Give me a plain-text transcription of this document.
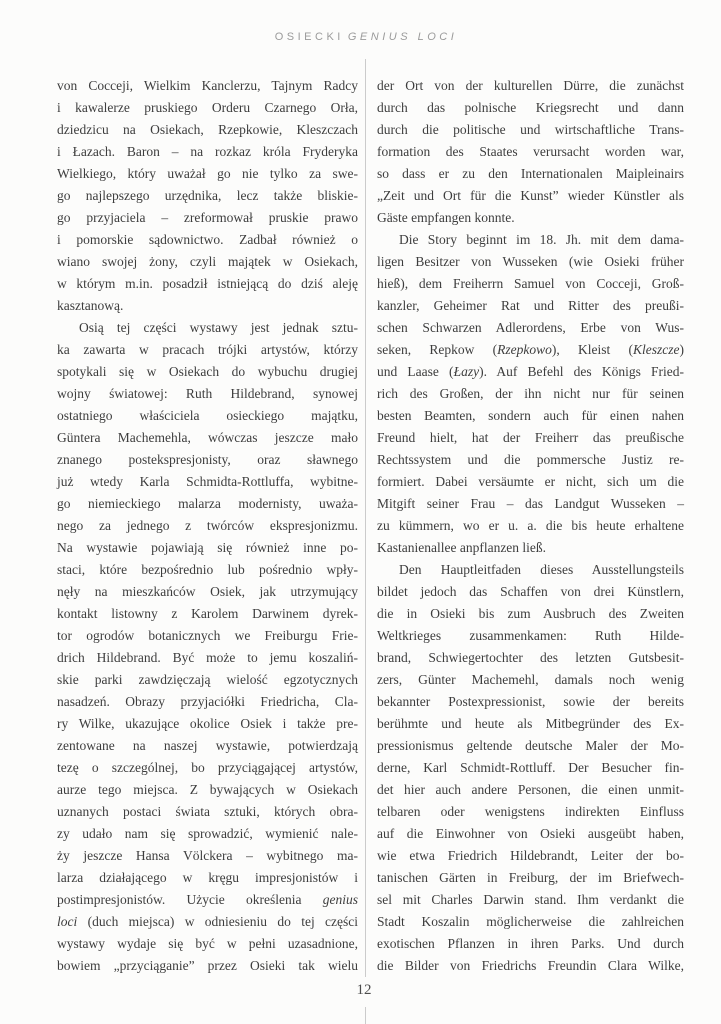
OSIECKI GENIUS LOCI
von Cocceji, Wielkim Kanclerzu, Tajnym Radcy
i kawalerze pruskiego Orderu Czarnego Orła,
dziedzicu na Osiekach, Rzepkowie, Kleszczach
i Łazach. Baron – na rozkaz króla Fryderyka
Wielkiego, który uważał go nie tylko za swe-
go najlepszego urzędnika, lecz także bliskie-
go przyjaciela – zreformował pruskie prawo
i pomorskie sądownictwo. Zadbał również o
wiano swojej żony, czyli majątek w Osiekach,
w którym m.in. posadził istniejącą do dziś aleję
kasztanową.
Osią tej części wystawy jest jednak sztu-
ka zawarta w pracach trójki artystów, którzy
spotykali się w Osiekach do wybuchu drugiej
wojny światowej: Ruth Hildebrand, synowej
ostatniego właściciela osieckiego majątku,
Güntera Machemehla, wówczas jeszcze mało
znanego postekspresjonisty, oraz sławnego
już wtedy Karla Schmidta-Rottluffa, wybitne-
go niemieckiego malarza modernisty, uważa-
nego za jednego z twórców ekspresjonizmu.
Na wystawie pojawiają się również inne po-
staci, które bezpośrednio lub pośrednio wpły-
nęły na mieszkańców Osiek, jak utrzymujący
kontakt listowny z Karolem Darwinem dyrek-
tor ogrodów botanicznych we Freiburgu Frie-
drich Hildebrand. Być może to jemu koszaliń-
skie parki zawdzięczają wielość egzotycznych
nasadzeń. Obrazy przyjaciółki Friedricha, Cla-
ry Wilke, ukazujące okolice Osiek i także pre-
zentowane na naszej wystawie, potwierdzają
tezę o szczególnej, bo przyciągającej artystów,
aurze tego miejsca. Z bywających w Osiekach
uznanych postaci świata sztuki, których obra-
zy udało nam się sprowadzić, wymienić nale-
ży jeszcze Hansa Völckera – wybitnego ma-
larza działającego w kręgu impresjonistów i
postimpresjonistów. Użycie określenia genius
loci (duch miejsca) w odniesieniu do tej części
wystawy wydaje się być w pełni uzasadnione,
bowiem „przyciąganie” przez Osieki tak wielu
der Ort von der kulturellen Dürre, die zunächst
durch das polnische Kriegsrecht und dann
durch die politische und wirtschaftliche Trans-
formation des Staates verursacht worden war,
so dass er zu den Internationalen Maipleinairs
„Zeit und Ort für die Kunst” wieder Künstler als
Gäste empfangen konnte.
Die Story beginnt im 18. Jh. mit dem dama-
ligen Besitzer von Wusseken (wie Osieki früher
hieß), dem Freiherrn Samuel von Cocceji, Groß-
kanzler, Geheimer Rat und Ritter des preußi-
schen Schwarzen Adlerordens, Erbe von Wus-
seken, Repkow (Rzepkowo), Kleist (Kleszcze)
und Laase (Łazy). Auf Befehl des Königs Fried-
rich des Großen, der ihn nicht nur für seinen
besten Beamten, sondern auch für einen nahen
Freund hielt, hat der Freiherr das preußische
Rechtssystem und die pommersche Justiz re-
formiert. Dabei versäumte er nicht, sich um die
Mitgift seiner Frau – das Landgut Wusseken –
zu kümmern, wo er u. a. die bis heute erhaltene
Kastanienallee anpflanzen ließ.
Den Hauptleitfaden dieses Ausstellungsteils
bildet jedoch das Schaffen von drei Künstlern,
die in Osieki bis zum Ausbruch des Zweiten
Weltkrieges zusammenkamen: Ruth Hilde-
brand, Schwiegertochter des letzten Gutsbesit-
zers, Günter Machemehl, damals noch wenig
bekannter Postexpressionist, sowie der bereits
berühmte und heute als Mitbegründer des Ex-
pressionismus geltende deutsche Maler der Mo-
derne, Karl Schmidt-Rottluff. Der Besucher fin-
det hier auch andere Personen, die einen unmit-
telbaren oder wenigstens indirekten Einfluss
auf die Einwohner von Osieki ausgeübt haben,
wie etwa Friedrich Hildebrandt, Leiter der bo-
tanischen Gärten in Freiburg, der im Briefwech-
sel mit Charles Darwin stand. Ihm verdankt die
Stadt Koszalin möglicherweise die zahlreichen
exotischen Pflanzen in ihren Parks. Und durch
die Bilder von Friedrichs Freundin Clara Wilke,
12
